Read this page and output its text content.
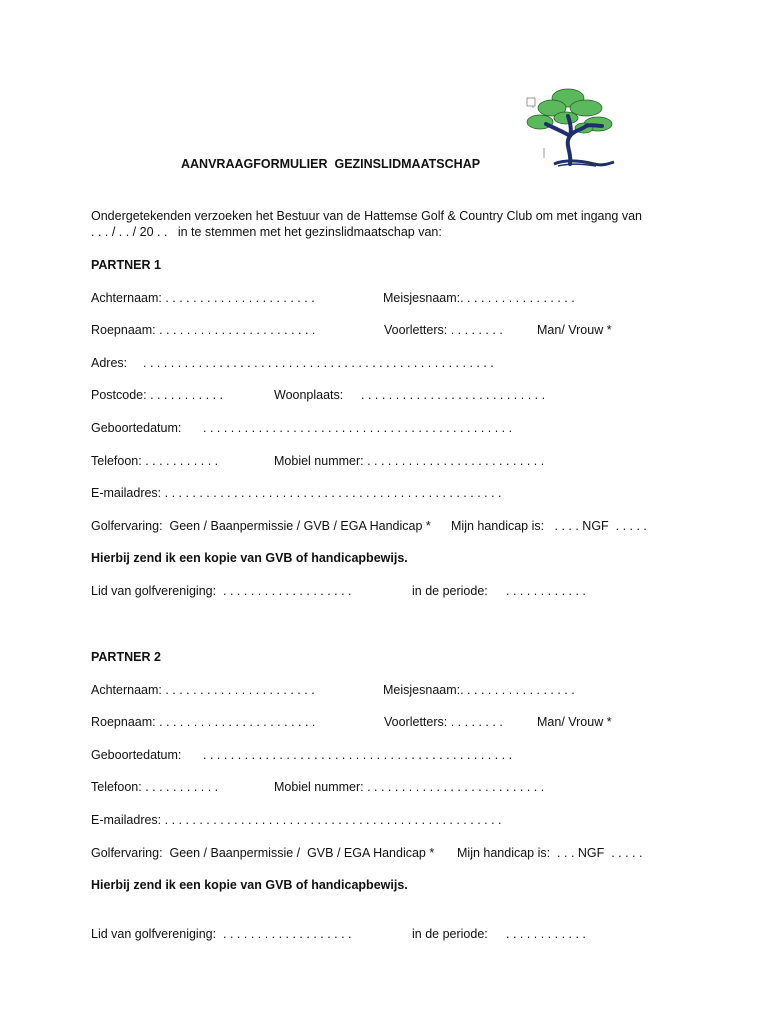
AANVRAAGFORMULIER  GEZINSLIDMAATSCHAP
Ondergetekenden verzoeken het Bestuur van de Hattemse Golf & Country Club om met ingang van
. . . / . . / 20 . .   in te stemmen met het gezinslidmaatschap van:
PARTNER 1
Achternaam: . . . . . . . . . . . . . . . . . . . . . .	Meisjesnaam:. . . . . . . . . . . . . . . . .
Roepnaam: . . . . . . . . . . . . . . . . . . . . . . .	Voorletters: . . . . . . . .	Man/ Vrouw *
Adres: . . . . . . . . . . . . . . . . . . . . . . . . . . . . . . . . . . . . . . . . . . . . . . . . . . .
Postcode: . . . . . . . . . . .	Woonplaats: . . . . . . . . . . . . . . . . . . . . . . . . . . .
Geboortedatum: . . . . . . . . . . . . . . . . . . . . . . . . . . . . . . . . . . . . . . . . . . . . .
Telefoon: . . . . . . . . . . .	Mobiel nummer: . . . . . . . . . . . . . . . . . . . . . . . . . .
E-mailadres: . . . . . . . . . . . . . . . . . . . . . . . . . . . . . . . . . . . . . . . . . . . . . . . . .
Golfervaring:  Geen / Baanpermissie / GVB / EGA Handicap * Mijn handicap is:   . . . . NGF  . . . . .
Hierbij zend ik een kopie van GVB of handicapbewijs.
Lid van golfvereniging:  . . . . . . . . . . . . . . . . . . .	in de periode: . . . . . . . . . . . .
PARTNER 2
Achternaam: . . . . . . . . . . . . . . . . . . . . . .	Meisjesnaam:. . . . . . . . . . . . . . . . .
Roepnaam: . . . . . . . . . . . . . . . . . . . . . . .	Voorletters: . . . . . . . .	Man/ Vrouw *
Geboortedatum: . . . . . . . . . . . . . . . . . . . . . . . . . . . . . . . . . . . . . . . . . . . . .
Telefoon: . . . . . . . . . . .	Mobiel nummer: . . . . . . . . . . . . . . . . . . . . . . . . . .
E-mailadres: . . . . . . . . . . . . . . . . . . . . . . . . . . . . . . . . . . . . . . . . . . . . . . . . .
Golfervaring:  Geen / Baanpermissie /  GVB / EGA Handicap * Mijn handicap is:  . . . NGF  . . . . .
Hierbij zend ik een kopie van GVB of handicapbewijs.
Lid van golfvereniging:  . . . . . . . . . . . . . . . . . . .	in de periode: . . . . . . . . . . . .
